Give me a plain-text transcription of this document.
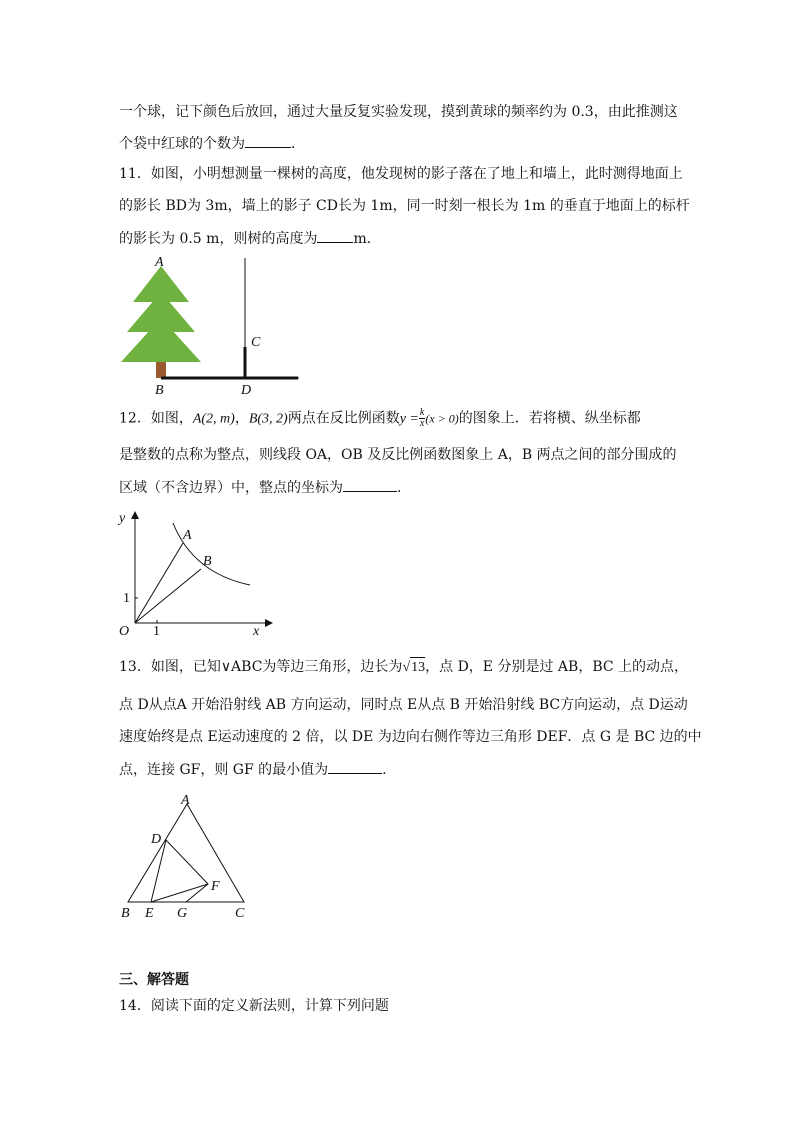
一个球，记下颜色后放回，通过大量反复实验发现，摸到黄球的频率约为 0.3，由此推测这
个袋中红球的个数为	．
11．如图，小明想测量一棵树的高度，他发现树的影子落在了地上和墙上，此时测得地面上
的影长 BD为 3m，墙上的影子 CD长为 1m，同一时刻一根长为 1m 的垂直于地面上的标杆
的影长为 0.5 m，则树的高度为	m.
A
B
C
D
12．如图，A(2, m)，B(3, 2)两点在反比例函数$y = \frac{k}{x} (x > 0)$的图象上．若将横、纵坐标都
是整数的点称为整点，则线段 OA，OB 及反比例函数图象上 A，B 两点之间的部分围成的
区域（不含边界）中，整点的坐标为	.
y
x
O
A
B
1
1
13．如图，已知∨ABC为等边三角形，边长为√13，点 D，E 分别是过 AB，BC 上的动点，
点 D从点A 开始沿射线 AB 方向运动，同时点 E从点 B 开始沿射线 BC方向运动，点 D运动
速度始终是点 E运动速度的 2 倍，以 DE 为边向右侧作等边三角形 DEF．点 G 是 BC 边的中
点，连接 GF，则 GF 的最小值为	.
A
B	C
D
E
F
G
三、解答题
14．阅读下面的定义新法则，计算下列问题
